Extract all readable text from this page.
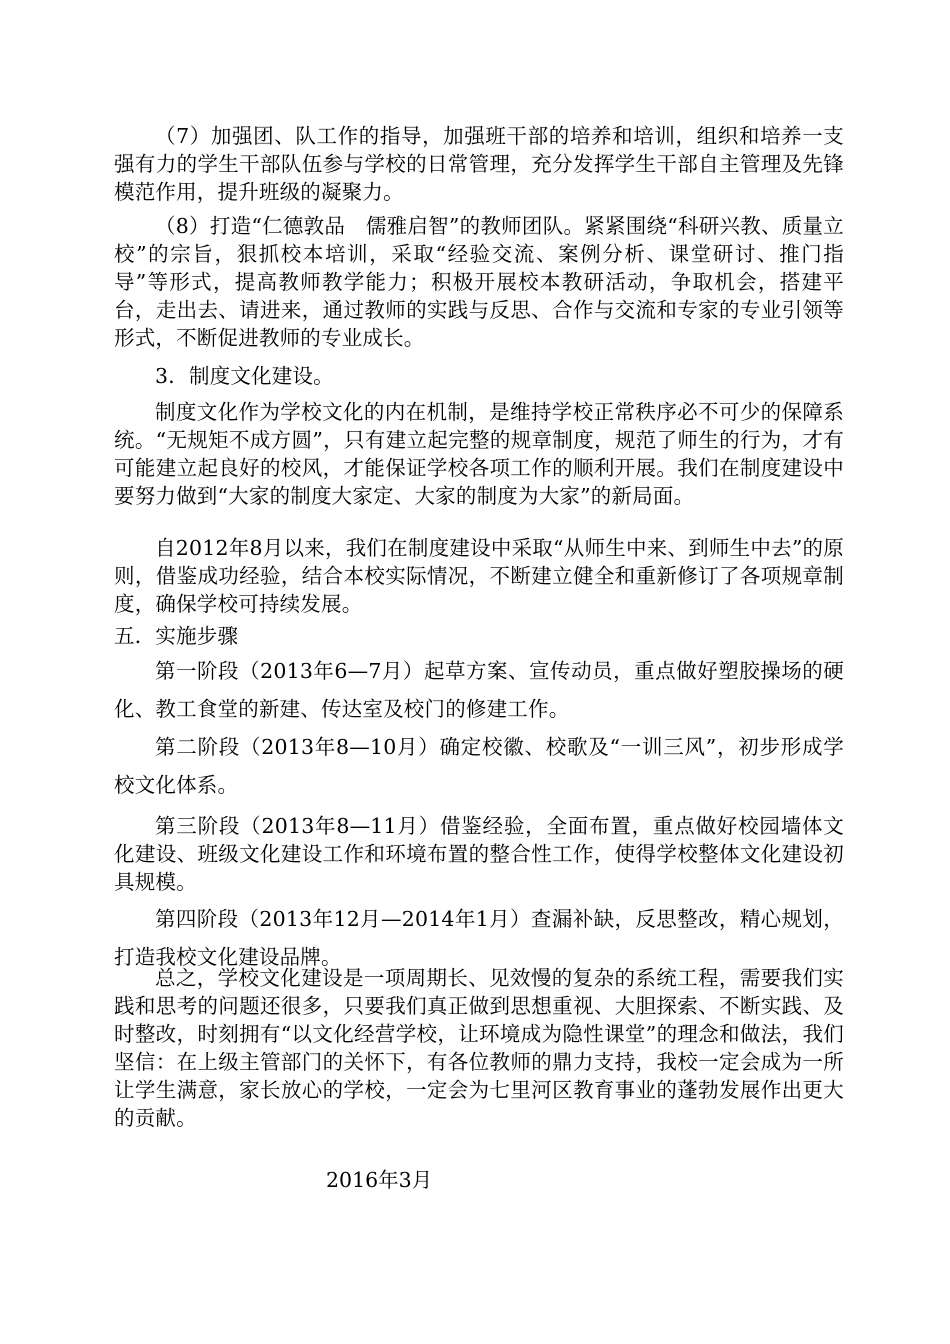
（7）加强团、队工作的指导，加强班干部的培养和培训，组织和培养一支强有力的学生干部队伍参与学校的日常管理，充分发挥学生干部自主管理及先锋模范作用，提升班级的凝聚力。

（8）打造“仁德敦品　儒雅启智”的教师团队。紧紧围绕“科研兴教、质量立校”的宗旨，狠抓校本培训，采取“经验交流、案例分析、课堂研讨、推门指导”等形式，提高教师教学能力；积极开展校本教研活动，争取机会，搭建平台，走出去、请进来，通过教师的实践与反思、合作与交流和专家的专业引领等形式，不断促进教师的专业成长。

3．制度文化建设。

制度文化作为学校文化的内在机制，是维持学校正常秩序必不可少的保障系统。“无规矩不成方圆”，只有建立起完整的规章制度，规范了师生的行为，才有可能建立起良好的校风，才能保证学校各项工作的顺利开展。我们在制度建设中要努力做到“大家的制度大家定、大家的制度为大家”的新局面。

自2012年8月以来，我们在制度建设中采取“从师生中来、到师生中去”的原则，借鉴成功经验，结合本校实际情况，不断建立健全和重新修订了各项规章制度，确保学校可持续发展。

五．实施步骤

第一阶段（2013年6—7月）起草方案、宣传动员，重点做好塑胶操场的硬化、教工食堂的新建、传达室及校门的修建工作。

第二阶段（2013年8—10月）确定校徽、校歌及“一训三风”，初步形成学校文化体系。

第三阶段（2013年8—11月）借鉴经验，全面布置，重点做好校园墙体文化建设、班级文化建设工作和环境布置的整合性工作，使得学校整体文化建设初具规模。

第四阶段（2013年12月—2014年1月）查漏补缺，反思整改，精心规划，打造我校文化建设品牌。

总之，学校文化建设是一项周期长、见效慢的复杂的系统工程，需要我们实践和思考的问题还很多，只要我们真正做到思想重视、大胆探索、不断实践、及时整改，时刻拥有“以文化经营学校，让环境成为隐性课堂”的理念和做法，我们坚信：在上级主管部门的关怀下，有各位教师的鼎力支持，我校一定会成为一所让学生满意，家长放心的学校，一定会为七里河区教育事业的蓬勃发展作出更大的贡献。

2016年3月
